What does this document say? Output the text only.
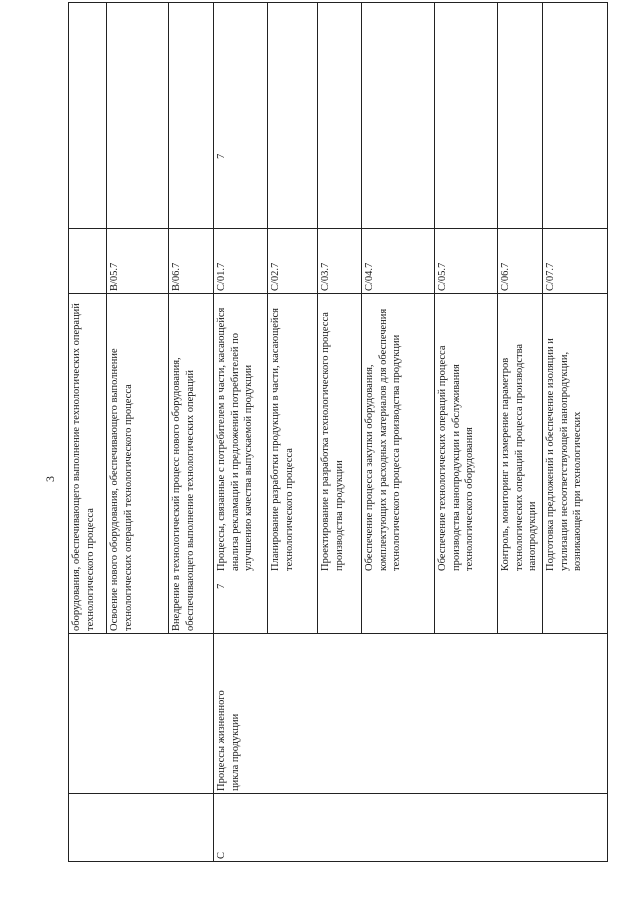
3 оборудования, обеспечивающего выполнение технологических операций технологического процесса	Освоение нового оборудования, обеспечивающего выполнение технологических операций технологического процесса
B/05.7
Внедрение в технологический процесс нового оборудования, обеспечивающего выполнение технологических операций
B/06.7
C
Процессы жизненного цикла продукции
7
Процессы, связанные с потребителем в части, касающейся анализа рекламаций и предложений потребителей по улучшению качества выпускаемой продукции
C/01.7
7
Планирование разработки продукции в части, касающейся технологического процесса
C/02.7
Проектирование и разработка технологического процесса производства продукции
C/03.7
Обеспечение процесса закупки оборудования, комплектующих и расходных материалов для обеспечения технологического процесса производства продукции
C/04.7
Обеспечение технологических операций процесса производства нанопродукции и обслуживания технологического оборудования
C/05.7
Контроль, мониторинг и измерение параметров технологических операций процесса производства нанопродукции
C/06.7
Подготовка предложений и обеспечение изоляции и утилизации несоответствующей нанопродукции, возникающей при технологических
C/07.7
